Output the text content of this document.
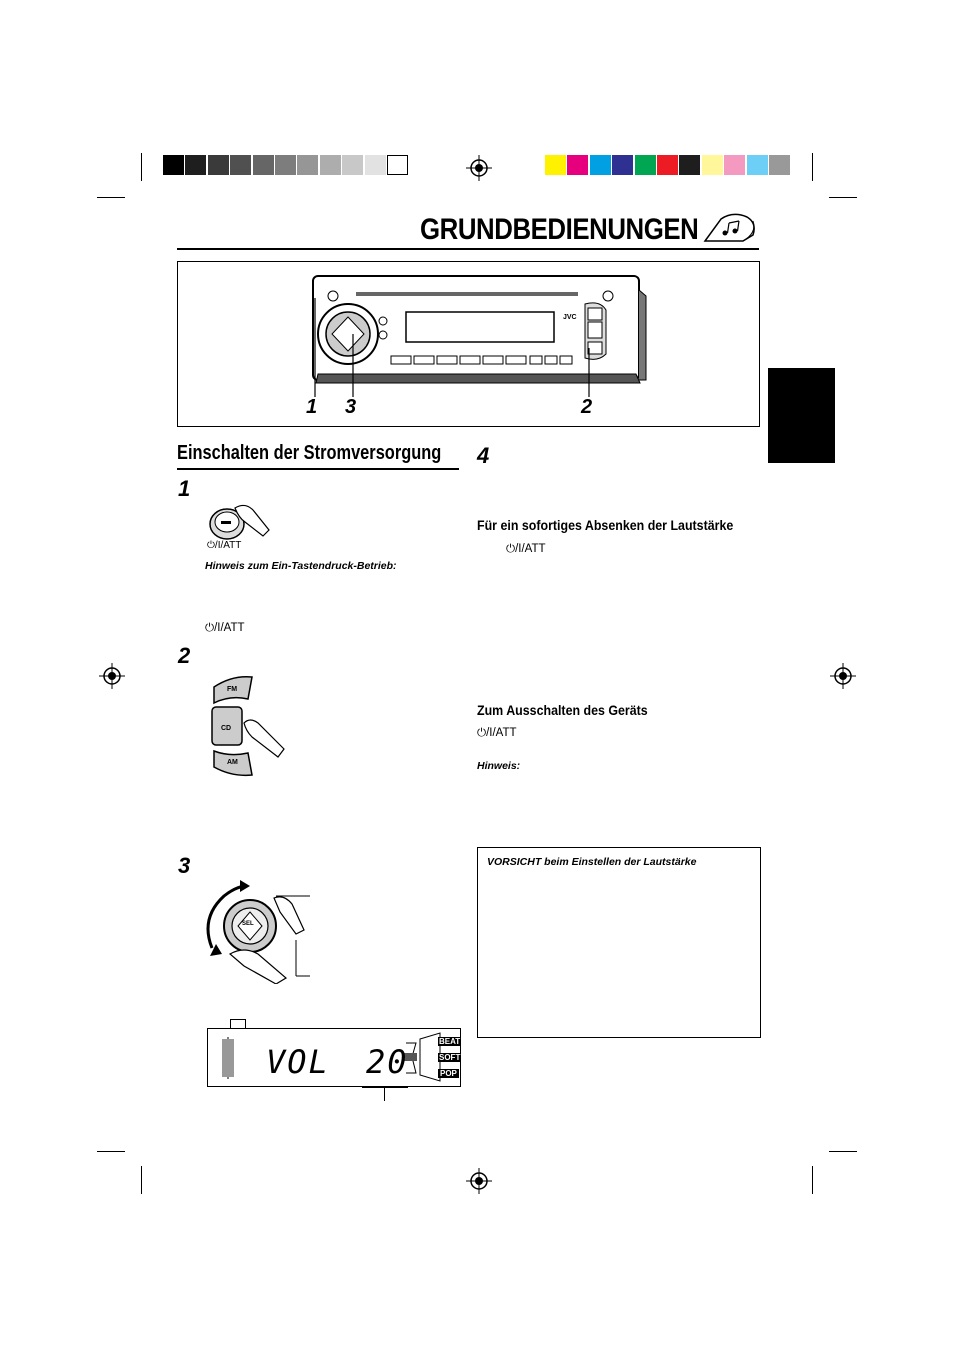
GRUNDBEDIENUNGEN
JVC
1 3	2
Einschalten der Stromversorgung
1
⏻/I/ATT
Hinweis zum Ein-Tastendruck-Betrieb:
⏻/I/ATT
2
FM
CD
AM
3
SEL
VOL 20
BEAT
SOFT
POP
4
Für ein sofortiges Absenken der Lautstärke
⏻/I/ATT
Zum Ausschalten des Geräts
⏻/I/ATT
Hinweis:
VORSICHT beim Einstellen der Lautstärke
